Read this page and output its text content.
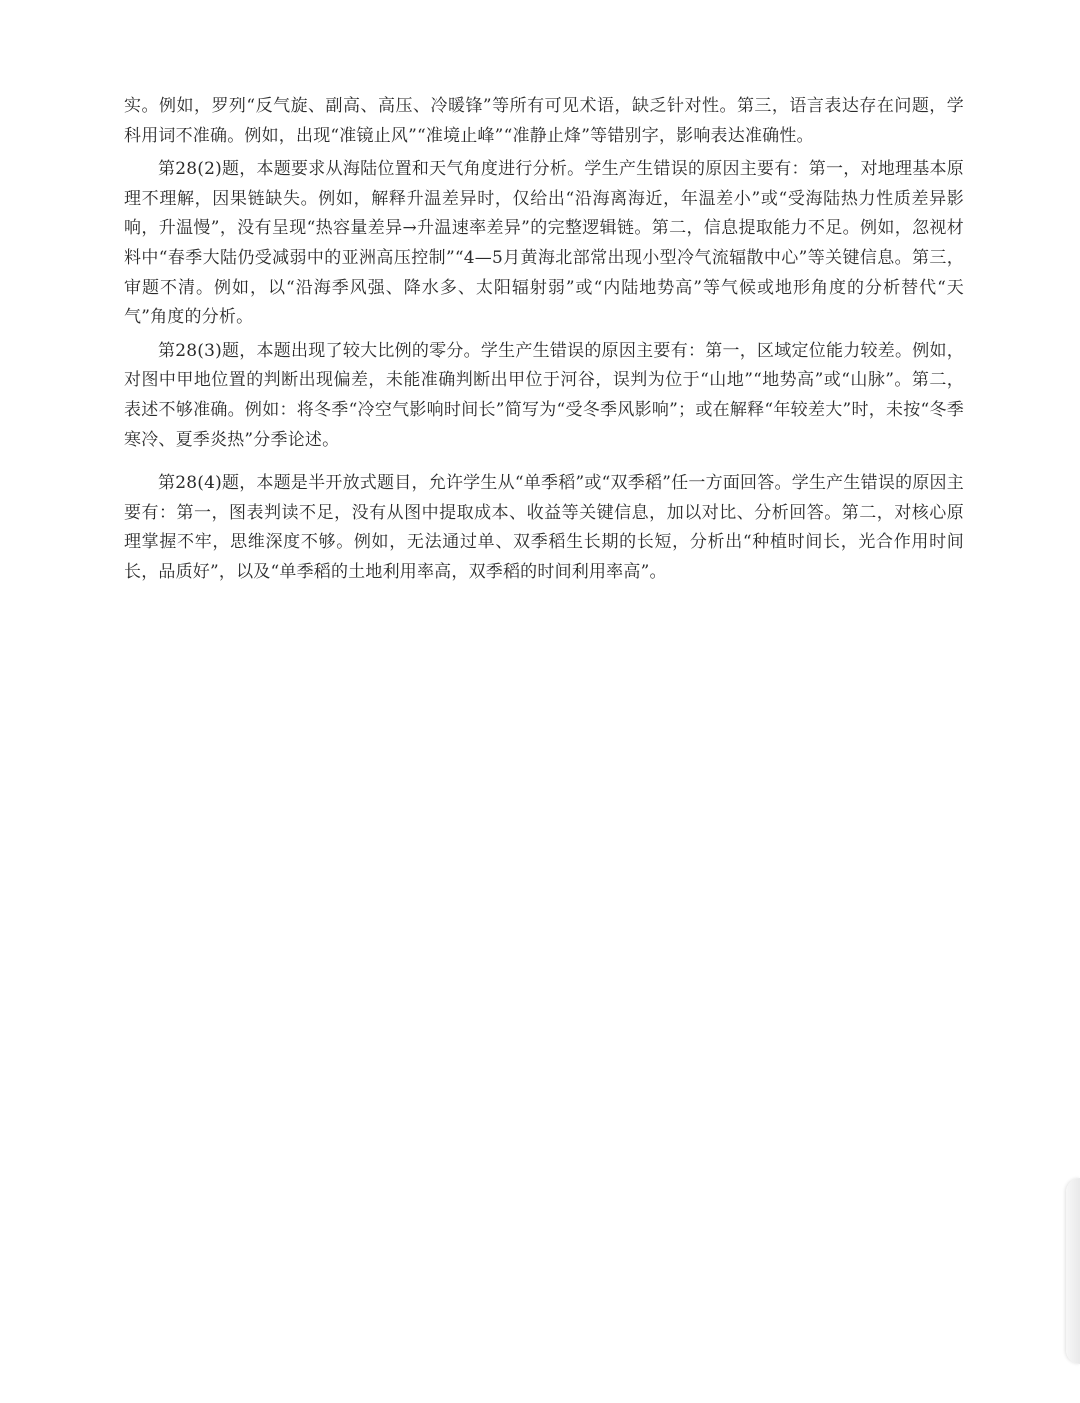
实。例如，罗列“反气旋、副高、高压、冷暖锋”等所有可见术语，缺乏针对性。第三，语言表达存在问题，学科用词不准确。例如，出现“准镜止风”“准境止峰”“准静止烽”等错别字，影响表达准确性。

第28(2)题，本题要求从海陆位置和天气角度进行分析。学生产生错误的原因主要有：第一，对地理基本原理不理解，因果链缺失。例如，解释升温差异时，仅给出“沿海离海近，年温差小”或“受海陆热力性质差异影响，升温慢”，没有呈现“热容量差异→升温速率差异”的完整逻辑链。第二，信息提取能力不足。例如，忽视材料中“春季大陆仍受减弱中的亚洲高压控制”“4—5月黄海北部常出现小型冷气流辐散中心”等关键信息。第三，审题不清。例如，以“沿海季风强、降水多、太阳辐射弱”或“内陆地势高”等气候或地形角度的分析替代“天气”角度的分析。

第28(3)题，本题出现了较大比例的零分。学生产生错误的原因主要有：第一，区域定位能力较差。例如，对图中甲地位置的判断出现偏差，未能准确判断出甲位于河谷，误判为位于“山地”“地势高”或“山脉”。第二，表述不够准确。例如：将冬季“冷空气影响时间长”简写为“受冬季风影响”；或在解释“年较差大”时，未按“冬季寒冷、夏季炎热”分季论述。

第28(4)题，本题是半开放式题目，允许学生从“单季稻”或“双季稻”任一方面回答。学生产生错误的原因主要有：第一，图表判读不足，没有从图中提取成本、收益等关键信息，加以对比、分析回答。第二，对核心原理掌握不牢，思维深度不够。例如，无法通过单、双季稻生长期的长短，分析出“种植时间长，光合作用时间长，品质好”，以及“单季稻的土地利用率高，双季稻的时间利用率高”。
